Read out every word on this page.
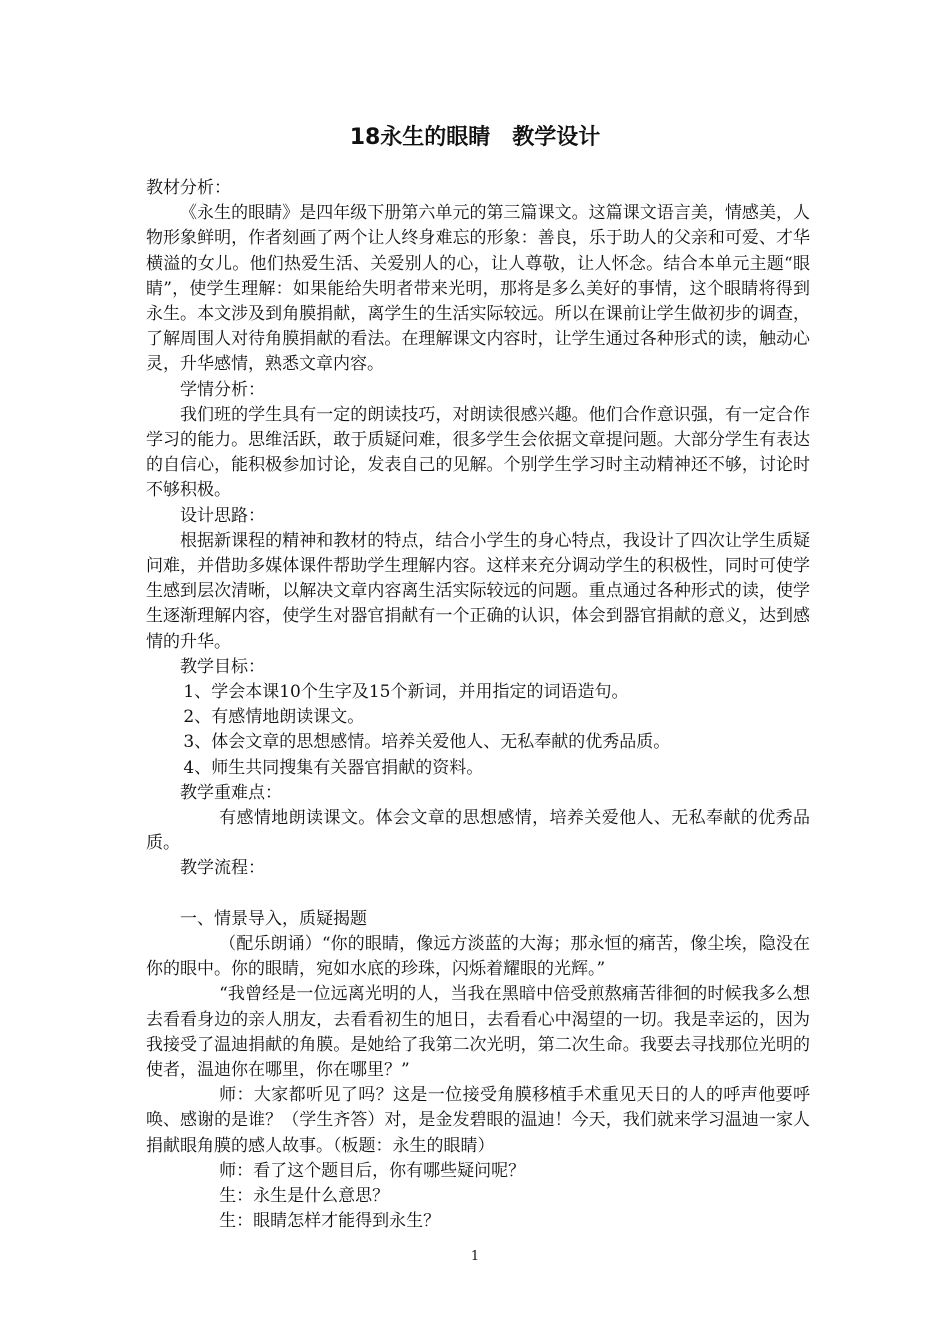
18永生的眼睛　教学设计

教材分析：

《永生的眼睛》是四年级下册第六单元的第三篇课文。这篇课文语言美，情感美，人物形象鲜明，作者刻画了两个让人终身难忘的形象：善良，乐于助人的父亲和可爱、才华横溢的女儿。他们热爱生活、关爱别人的心，让人尊敬，让人怀念。结合本单元主题“眼睛”，使学生理解：如果能给失明者带来光明，那将是多么美好的事情，这个眼睛将得到永生。本文涉及到角膜捐献，离学生的生活实际较远。所以在课前让学生做初步的调查，了解周围人对待角膜捐献的看法。在理解课文内容时，让学生通过各种形式的读，触动心灵，升华感情，熟悉文章内容。

学情分析：

我们班的学生具有一定的朗读技巧，对朗读很感兴趣。他们合作意识强，有一定合作学习的能力。思维活跃，敢于质疑问难，很多学生会依据文章提问题。大部分学生有表达的自信心，能积极参加讨论，发表自己的见解。个别学生学习时主动精神还不够，讨论时不够积极。

设计思路：

根据新课程的精神和教材的特点，结合小学生的身心特点，我设计了四次让学生质疑问难，并借助多媒体课件帮助学生理解内容。这样来充分调动学生的积极性，同时可使学生感到层次清晰，以解决文章内容离生活实际较远的问题。重点通过各种形式的读，使学生逐渐理解内容，使学生对器官捐献有一个正确的认识，体会到器官捐献的意义，达到感情的升华。

教学目标：

1、学会本课10个生字及15个新词，并用指定的词语造句。

2、有感情地朗读课文。

3、体会文章的思想感情。培养关爱他人、无私奉献的优秀品质。

4、师生共同搜集有关器官捐献的资料。

教学重难点：

有感情地朗读课文。体会文章的思想感情，培养关爱他人、无私奉献的优秀品质。

教学流程：

一、情景导入，质疑揭题

（配乐朗诵）“你的眼睛，像远方淡蓝的大海；那永恒的痛苦，像尘埃，隐没在你的眼中。你的眼睛，宛如水底的珍珠，闪烁着耀眼的光辉。”

“我曾经是一位远离光明的人，当我在黑暗中倍受煎熬痛苦徘徊的时候我多么想去看看身边的亲人朋友，去看看初生的旭日，去看看心中渴望的一切。我是幸运的，因为我接受了温迪捐献的角膜。是她给了我第二次光明，第二次生命。我要去寻找那位光明的使者，温迪你在哪里，你在哪里？”

师：大家都听见了吗？这是一位接受角膜移植手术重见天日的人的呼声他要呼唤、感谢的是谁？（学生齐答）对，是金发碧眼的温迪！今天，我们就来学习温迪一家人捐献眼角膜的感人故事。（板题：永生的眼睛）

师：看了这个题目后，你有哪些疑问呢？

生：永生是什么意思？

生：眼睛怎样才能得到永生？

1
